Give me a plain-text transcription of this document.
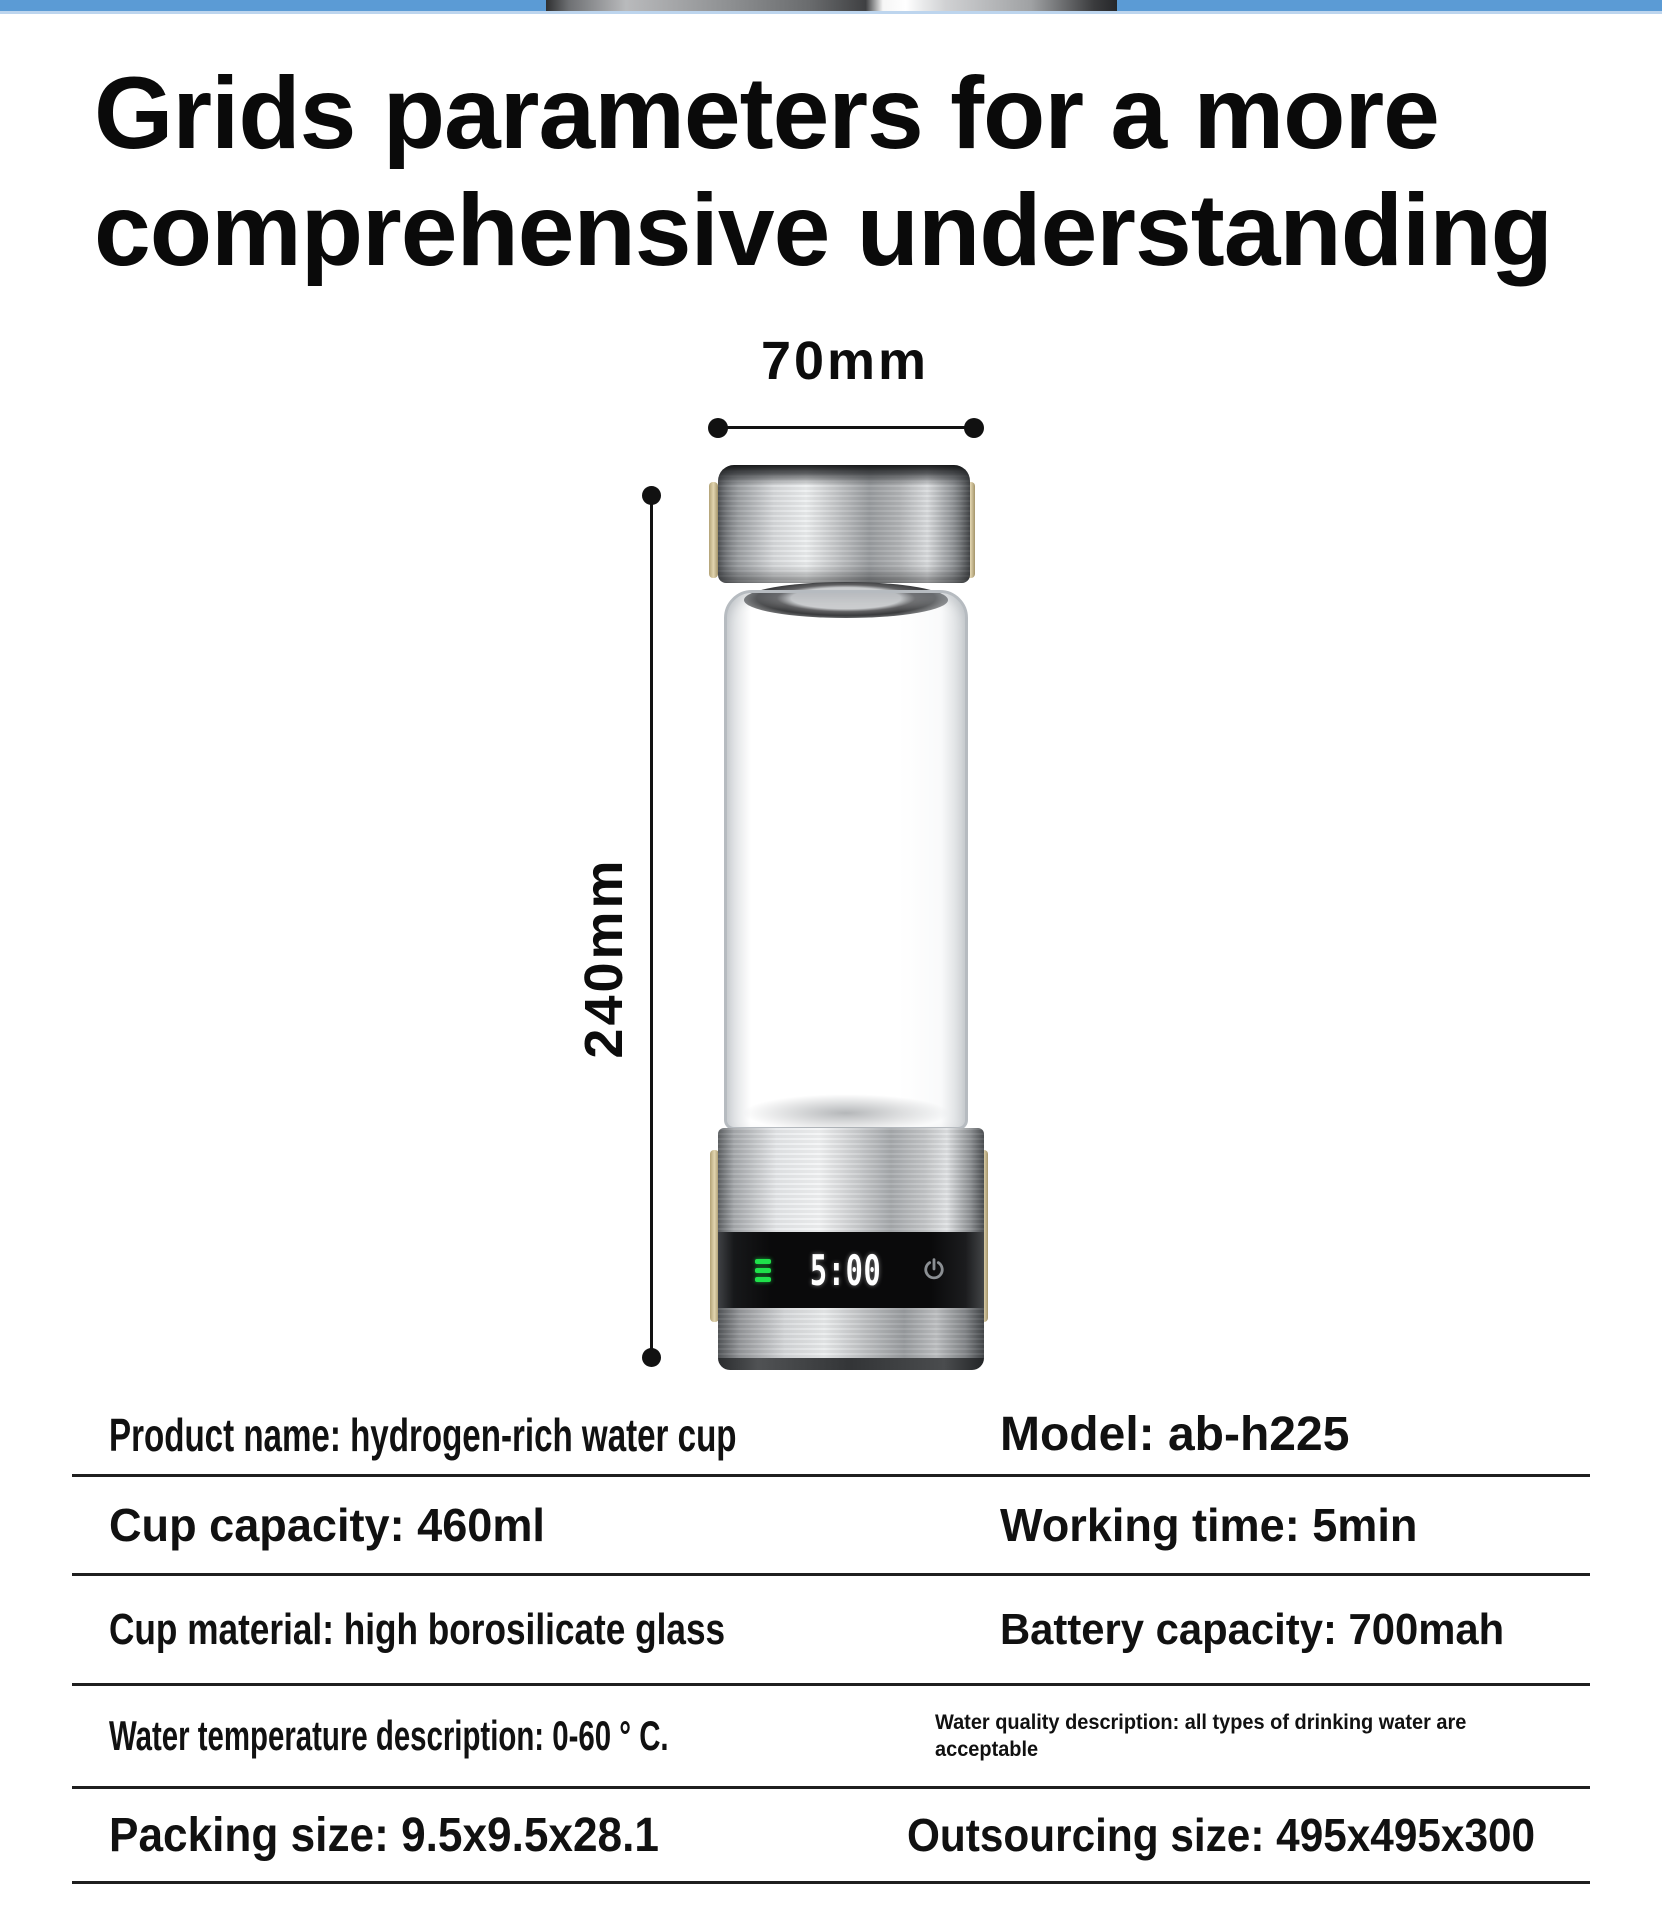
Grids parameters for a more
comprehensive understanding
70mm
240mm
5:00
Product name: hydrogen-rich water cup	Model: ab-h225
Cup capacity: 460ml	Working time: 5min
Cup material: high borosilicate glass	Battery capacity: 700mah
Water temperature description: 0-60 ° C.	Water quality description: all types of drinking water are acceptable
Packing size: 9.5x9.5x28.1	Outsourcing size: 495x495x300
